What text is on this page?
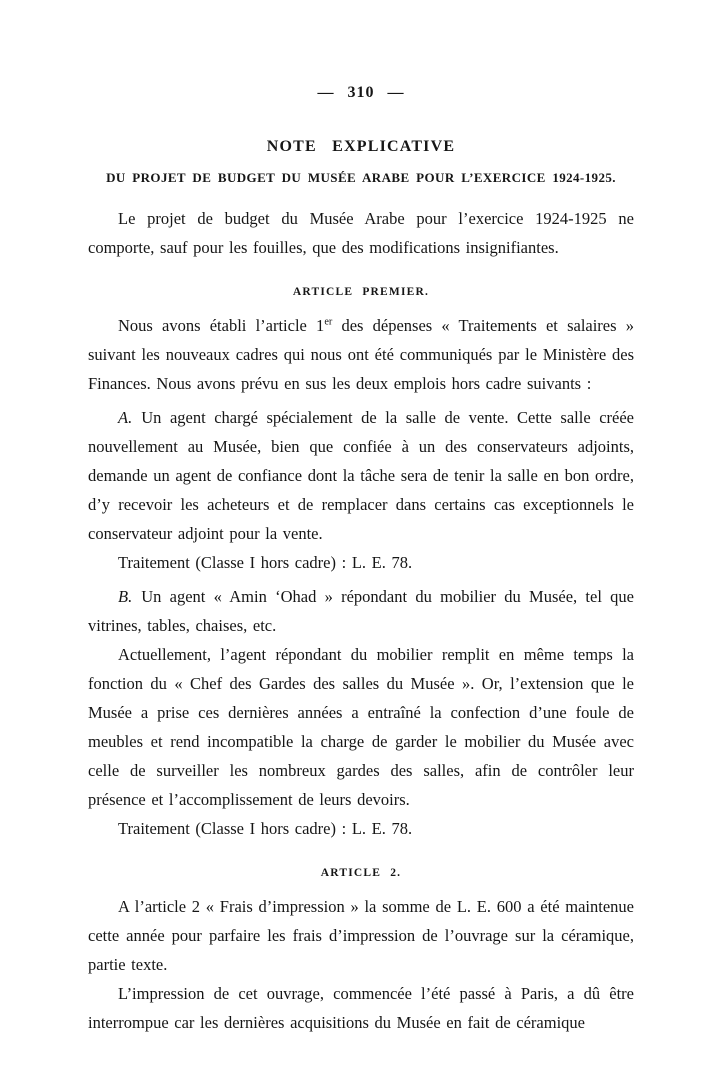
— 310 —
NOTE EXPLICATIVE
DU PROJET DE BUDGET DU MUSÉE ARABE POUR L’EXERCICE 1924-1925.

Le projet de budget du Musée Arabe pour l’exercice 1924-1925 ne comporte, sauf pour les fouilles, que des modifications insignifiantes.

ARTICLE PREMIER.

Nous avons établi l’article 1er des dépenses « Traitements et salaires » suivant les nouveaux cadres qui nous ont été communiqués par le Ministère des Finances. Nous avons prévu en sus les deux emplois hors cadre suivants :

A. Un agent chargé spécialement de la salle de vente. Cette salle créée nouvellement au Musée, bien que confiée à un des conservateurs adjoints, demande un agent de confiance dont la tâche sera de tenir la salle en bon ordre, d’y recevoir les acheteurs et de remplacer dans certains cas exceptionnels le conservateur adjoint pour la vente.

Traitement (Classe I hors cadre) : L. E. 78.

B. Un agent « Amin ‘Ohad » répondant du mobilier du Musée, tel que vitrines, tables, chaises, etc.

Actuellement, l’agent répondant du mobilier remplit en même temps la fonction du « Chef des Gardes des salles du Musée ». Or, l’extension que le Musée a prise ces dernières années a entraîné la confection d’une foule de meubles et rend incompatible la charge de garder le mobilier du Musée avec celle de surveiller les nombreux gardes des salles, afin de contrôler leur présence et l’accomplissement de leurs devoirs.

Traitement (Classe I hors cadre) : L. E. 78.

ARTICLE 2.

A l’article 2 « Frais d’impression » la somme de L. E. 600 a été maintenue cette année pour parfaire les frais d’impression de l’ouvrage sur la céramique, partie texte.

L’impression de cet ouvrage, commencée l’été passé à Paris, a dû être interrompue car les dernières acquisitions du Musée en fait de céramique
